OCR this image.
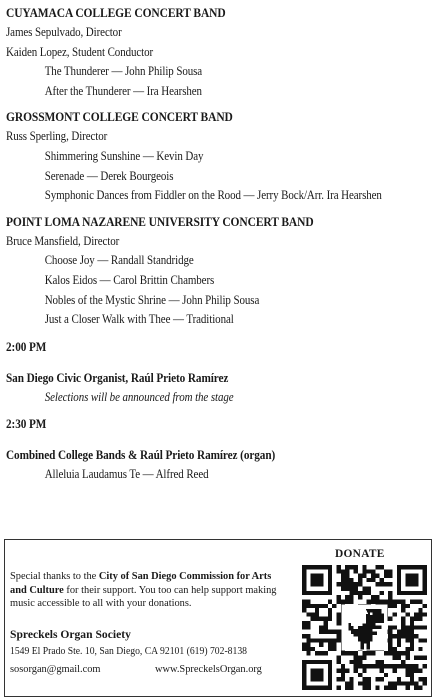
CUYAMACA COLLEGE CONCERT BAND
James Sepulvado, Director
Kaiden Lopez, Student Conductor
The Thunderer — John Philip Sousa
After the Thunderer — Ira Hearshen
GROSSMONT COLLEGE CONCERT BAND
Russ Sperling, Director
Shimmering Sunshine — Kevin Day
Serenade — Derek Bourgeois
Symphonic Dances from Fiddler on the Rood — Jerry Bock/Arr. Ira Hearshen
POINT LOMA NAZARENE UNIVERSITY CONCERT BAND
Bruce Mansfield, Director
Choose Joy — Randall Standridge
Kalos Eidos — Carol Brittin Chambers
Nobles of the Mystic Shrine — John Philip Sousa
Just a Closer Walk with Thee — Traditional
2:00 PM
San Diego Civic Organist, Raúl Prieto Ramírez
Selections will be announced from the stage
2:30 PM
Combined College Bands & Raúl Prieto Ramírez (organ)
Alleluia Laudamus Te — Alfred Reed
Special thanks to the City of San Diego Commission for Arts and Culture for their support. You too can help support making music accessible to all with your donations.
Spreckels Organ Society
1549 El Prado Ste. 10, San Diego, CA 92101 (619) 702-8138
sosorgan@gmail.com	www.SpreckelsOrgan.org
DONATE
